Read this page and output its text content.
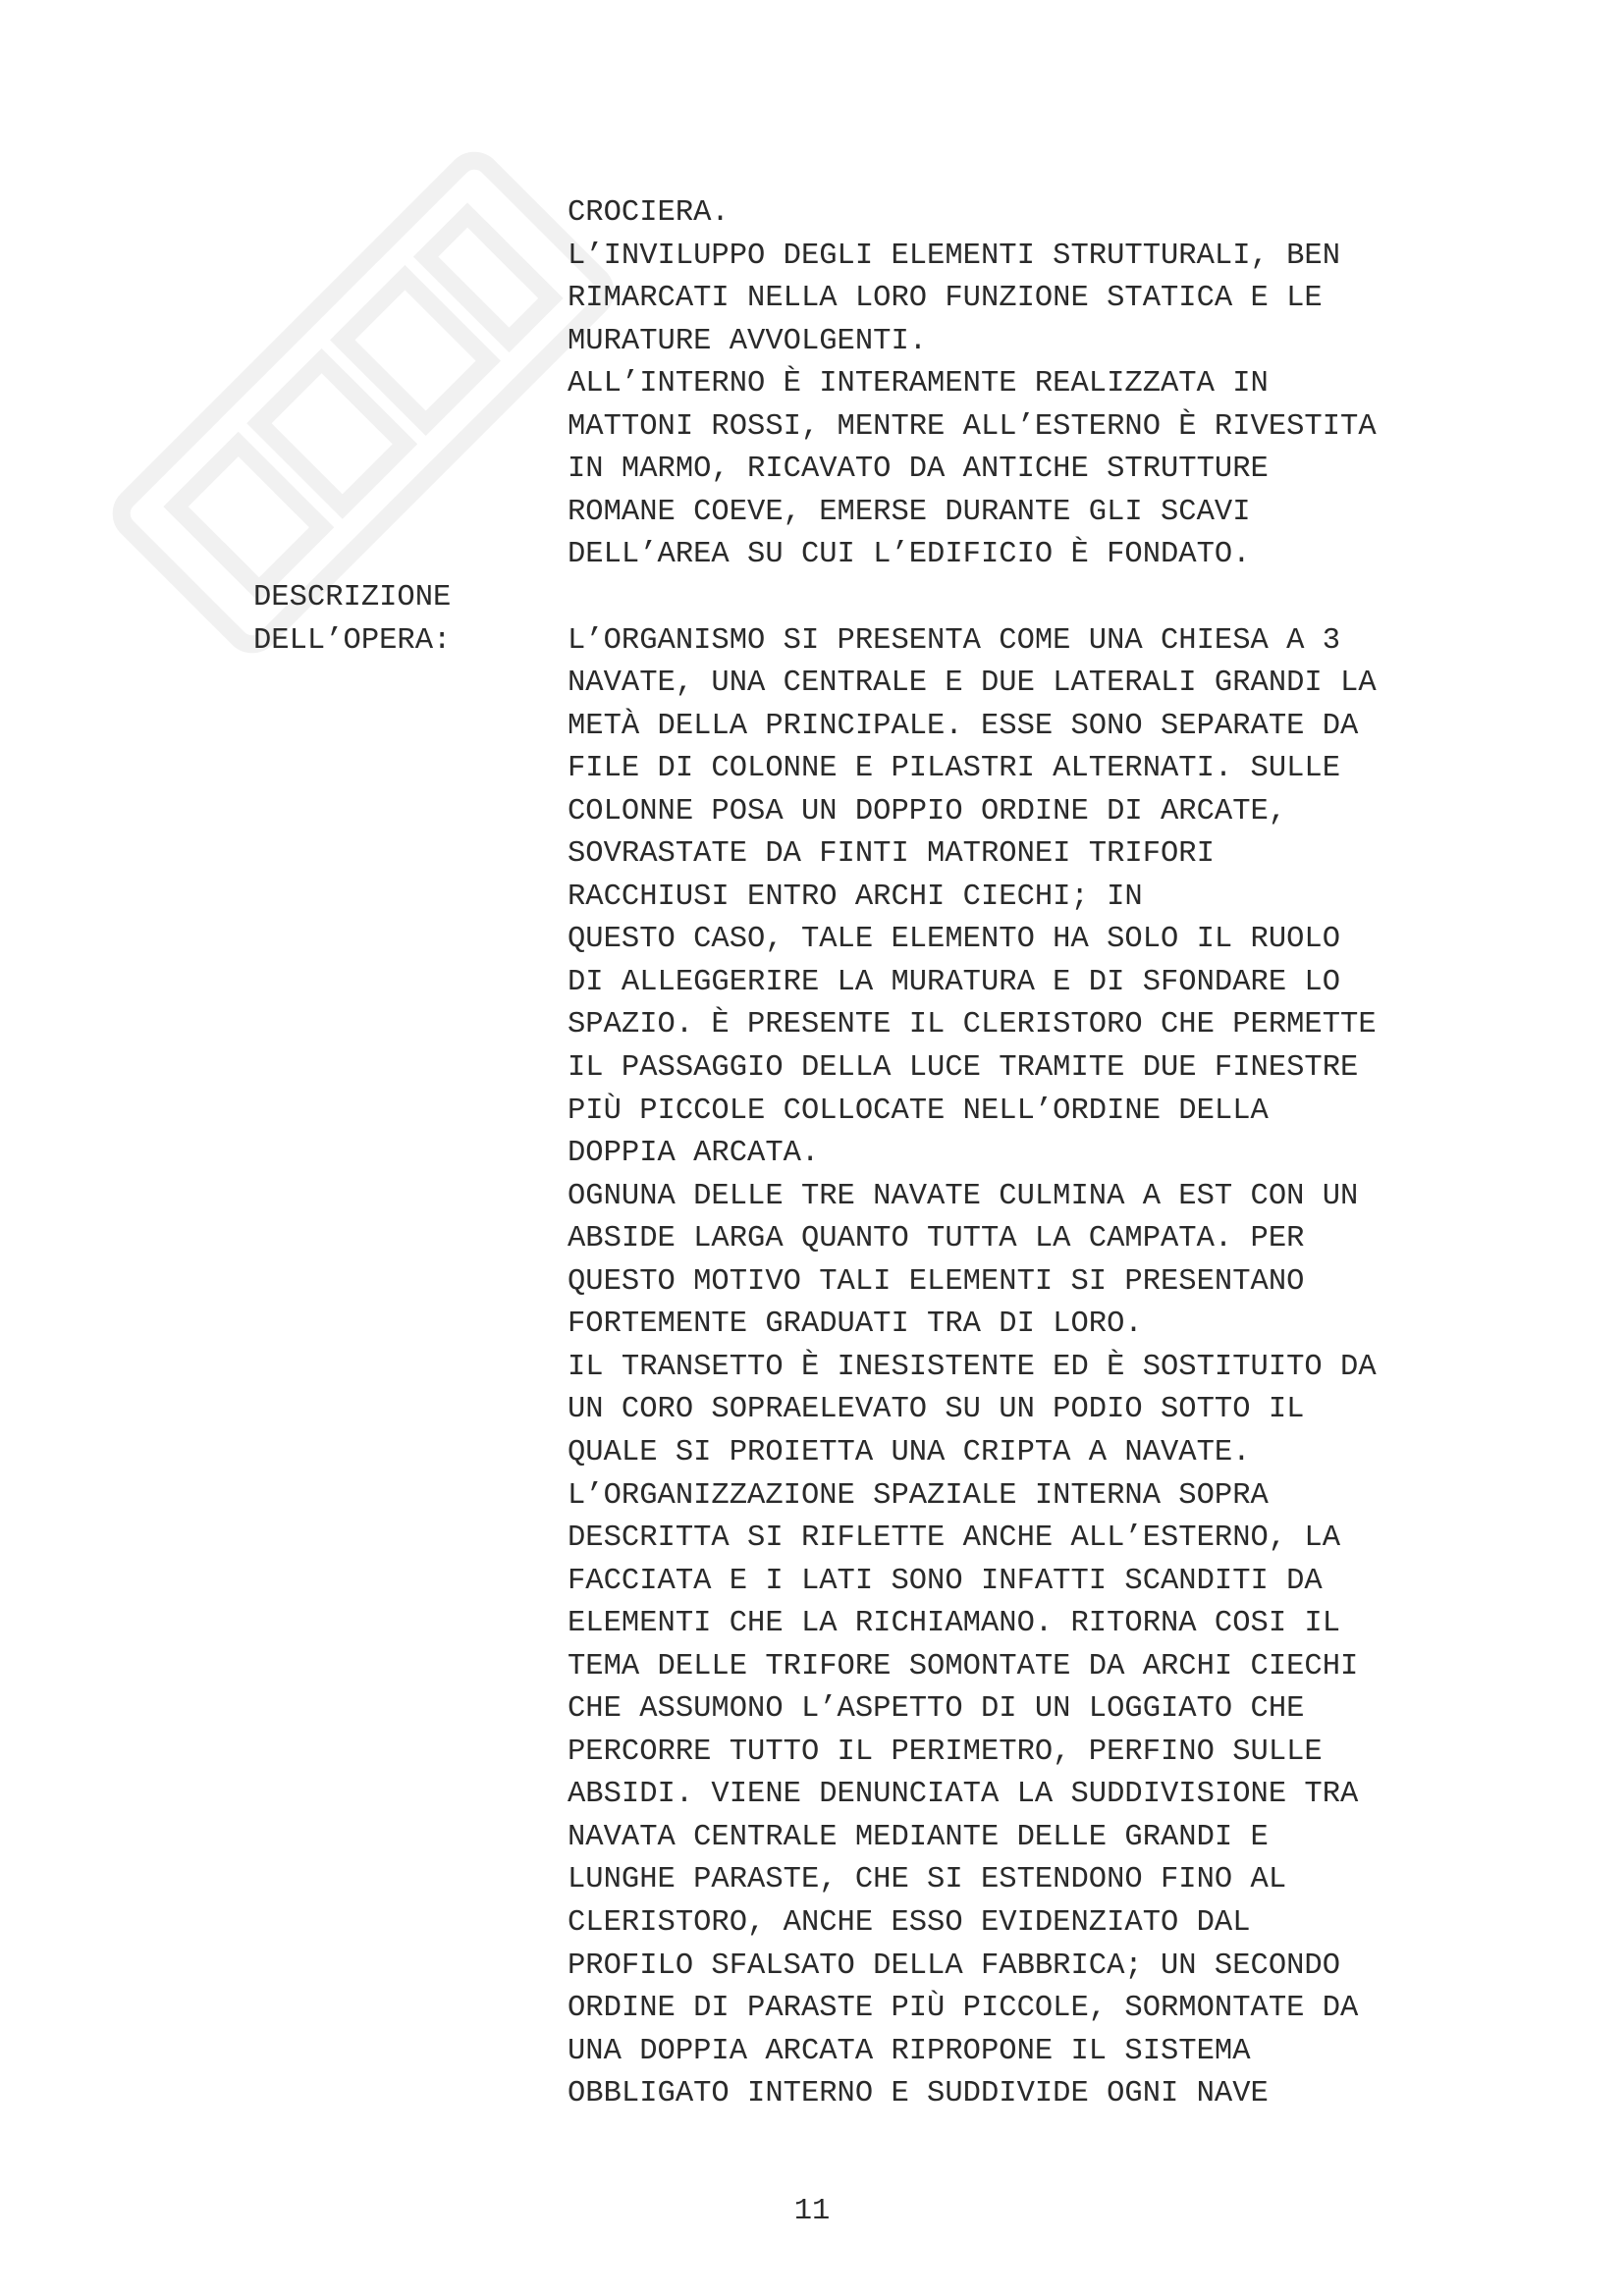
CROCIERA.
L’INVILUPPO DEGLI ELEMENTI STRUTTURALI, BEN
RIMARCATI NELLA LORO FUNZIONE STATICA E LE
MURATURE AVVOLGENTI.
ALL’INTERNO È INTERAMENTE REALIZZATA IN
MATTONI ROSSI, MENTRE ALL’ESTERNO È RIVESTITA
IN MARMO, RICAVATO DA ANTICHE STRUTTURE
ROMANE COEVE, EMERSE DURANTE GLI SCAVI
DELL’AREA SU CUI L’EDIFICIO È FONDATO.
L’ORGANISMO SI PRESENTA COME UNA CHIESA A 3
NAVATE, UNA CENTRALE E DUE LATERALI GRANDI LA
METÀ DELLA PRINCIPALE. ESSE SONO SEPARATE DA
FILE DI COLONNE E PILASTRI ALTERNATI. SULLE
COLONNE POSA UN DOPPIO ORDINE DI ARCATE,
SOVRASTATE DA FINTI MATRONEI TRIFORI
RACCHIUSI ENTRO ARCHI CIECHI; IN
QUESTO CASO, TALE ELEMENTO HA SOLO IL RUOLO
DI ALLEGGERIRE LA MURATURA E DI SFONDARE LO
SPAZIO. È PRESENTE IL CLERISTORO CHE PERMETTE
IL PASSAGGIO DELLA LUCE TRAMITE DUE FINESTRE
PIÙ PICCOLE COLLOCATE NELL’ORDINE DELLA
DOPPIA ARCATA.
OGNUNA DELLE TRE NAVATE CULMINA A EST CON UN
ABSIDE LARGA QUANTO TUTTA LA CAMPATA. PER
QUESTO MOTIVO TALI ELEMENTI SI PRESENTANO
FORTEMENTE GRADUATI TRA DI LORO.
IL TRANSETTO È INESISTENTE ED È SOSTITUITO DA
UN CORO SOPRAELEVATO SU UN PODIO SOTTO IL
QUALE SI PROIETTA UNA CRIPTA A NAVATE.
L’ORGANIZZAZIONE SPAZIALE INTERNA SOPRA
DESCRITTA SI RIFLETTE ANCHE ALL’ESTERNO, LA
FACCIATA E I LATI SONO INFATTI SCANDITI DA
ELEMENTI CHE LA RICHIAMANO. RITORNA COSI IL
TEMA DELLE TRIFORE SOMONTATE DA ARCHI CIECHI
CHE ASSUMONO L’ASPETTO DI UN LOGGIATO CHE
PERCORRE TUTTO IL PERIMETRO, PERFINO SULLE
ABSIDI. VIENE DENUNCIATA LA SUDDIVISIONE TRA
NAVATA CENTRALE MEDIANTE DELLE GRANDI E
LUNGHE PARASTE, CHE SI ESTENDONO FINO AL
CLERISTORO, ANCHE ESSO EVIDENZIATO DAL
PROFILO SFALSATO DELLA FABBRICA; UN SECONDO
ORDINE DI PARASTE PIÙ PICCOLE, SORMONTATE DA
UNA DOPPIA ARCATA RIPROPONE IL SISTEMA
OBBLIGATO INTERNO E SUDDIVIDE OGNI NAVE
DESCRIZIONE
DELL’OPERA:
11
